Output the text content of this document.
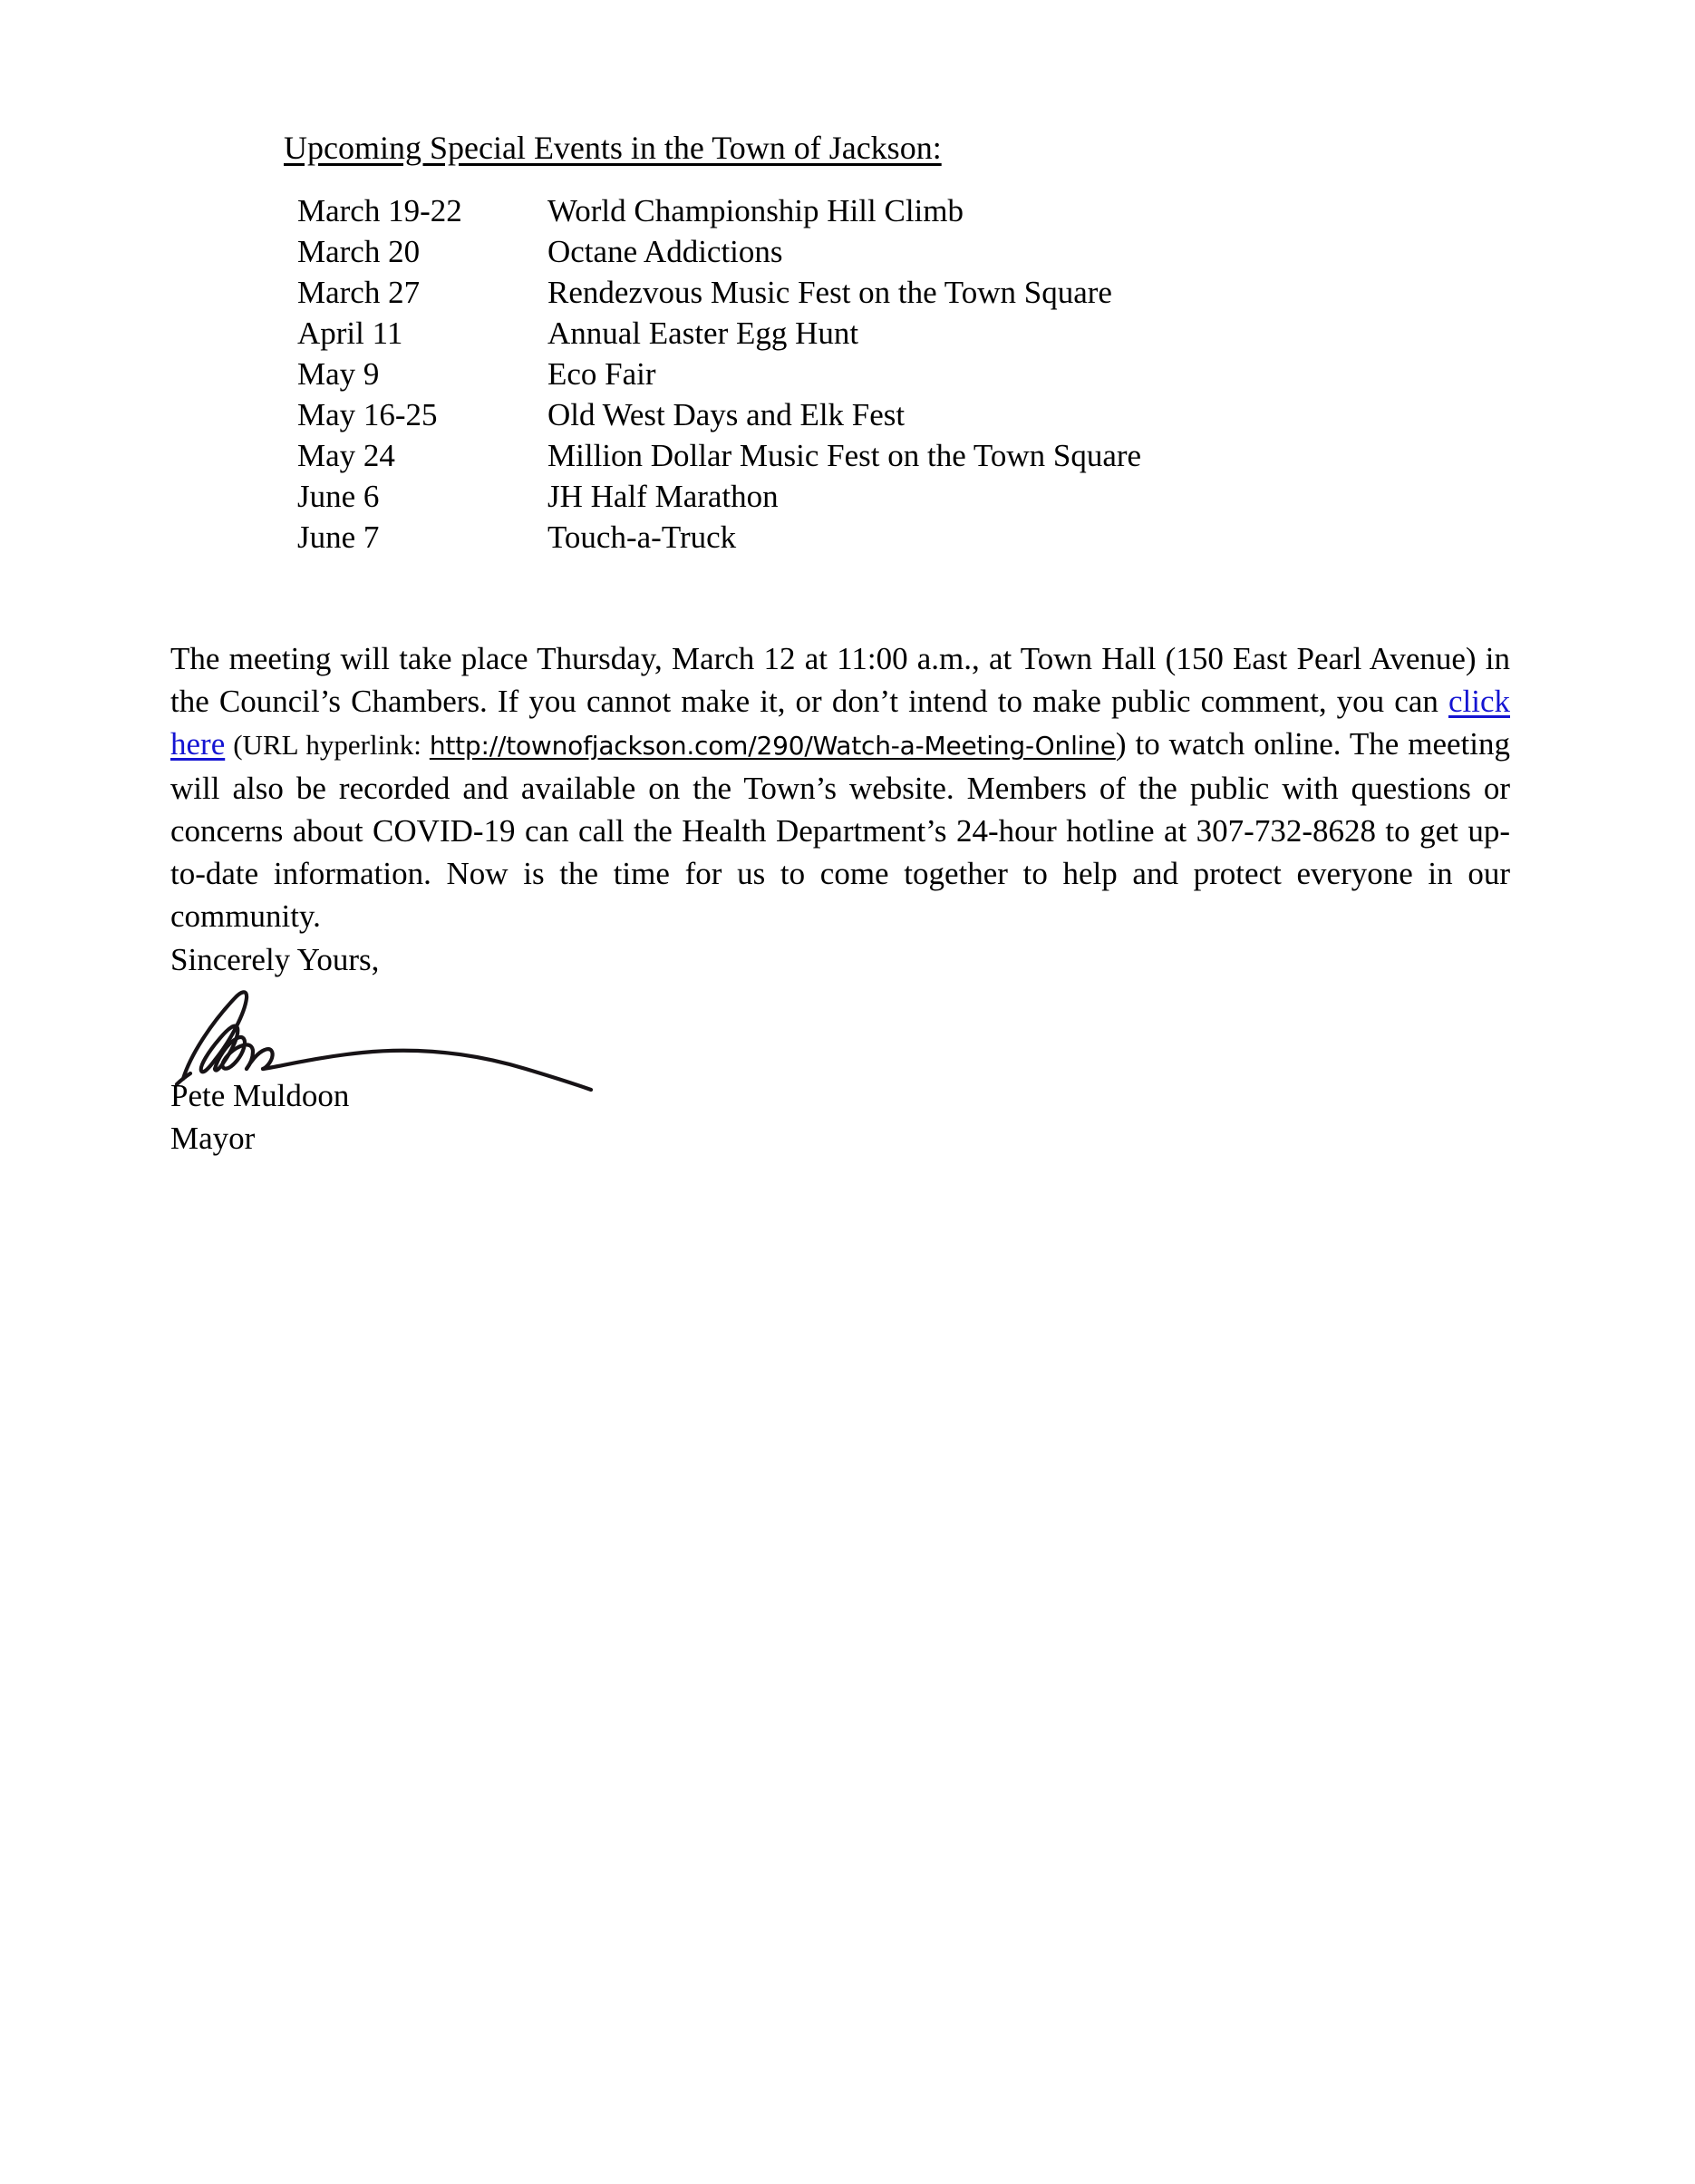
Upcoming Special Events in the Town of Jackson:
March 19-22	World Championship Hill Climb
March 20	Octane Addictions
March 27	Rendezvous Music Fest on the Town Square
April 11	Annual Easter Egg Hunt
May 9	Eco Fair
May 16-25	Old West Days and Elk Fest
May 24	Million Dollar Music Fest on the Town Square
June 6	JH Half Marathon
June 7	Touch-a-Truck

The meeting will take place Thursday, March 12 at 11:00 a.m., at Town Hall (150 East Pearl Avenue) in the Council’s Chambers. If you cannot make it, or don’t intend to make public comment, you can click here (URL hyperlink: http://townofjackson.com/290/Watch-a-Meeting-Online) to watch online. The meeting will also be recorded and available on the Town’s website. Members of the public with questions or concerns about COVID-19 can call the Health Department’s 24-hour hotline at 307-732-8628 to get up-to-date information. Now is the time for us to come together to help and protect everyone in our community.

Sincerely Yours,
Pete Muldoon
Mayor
